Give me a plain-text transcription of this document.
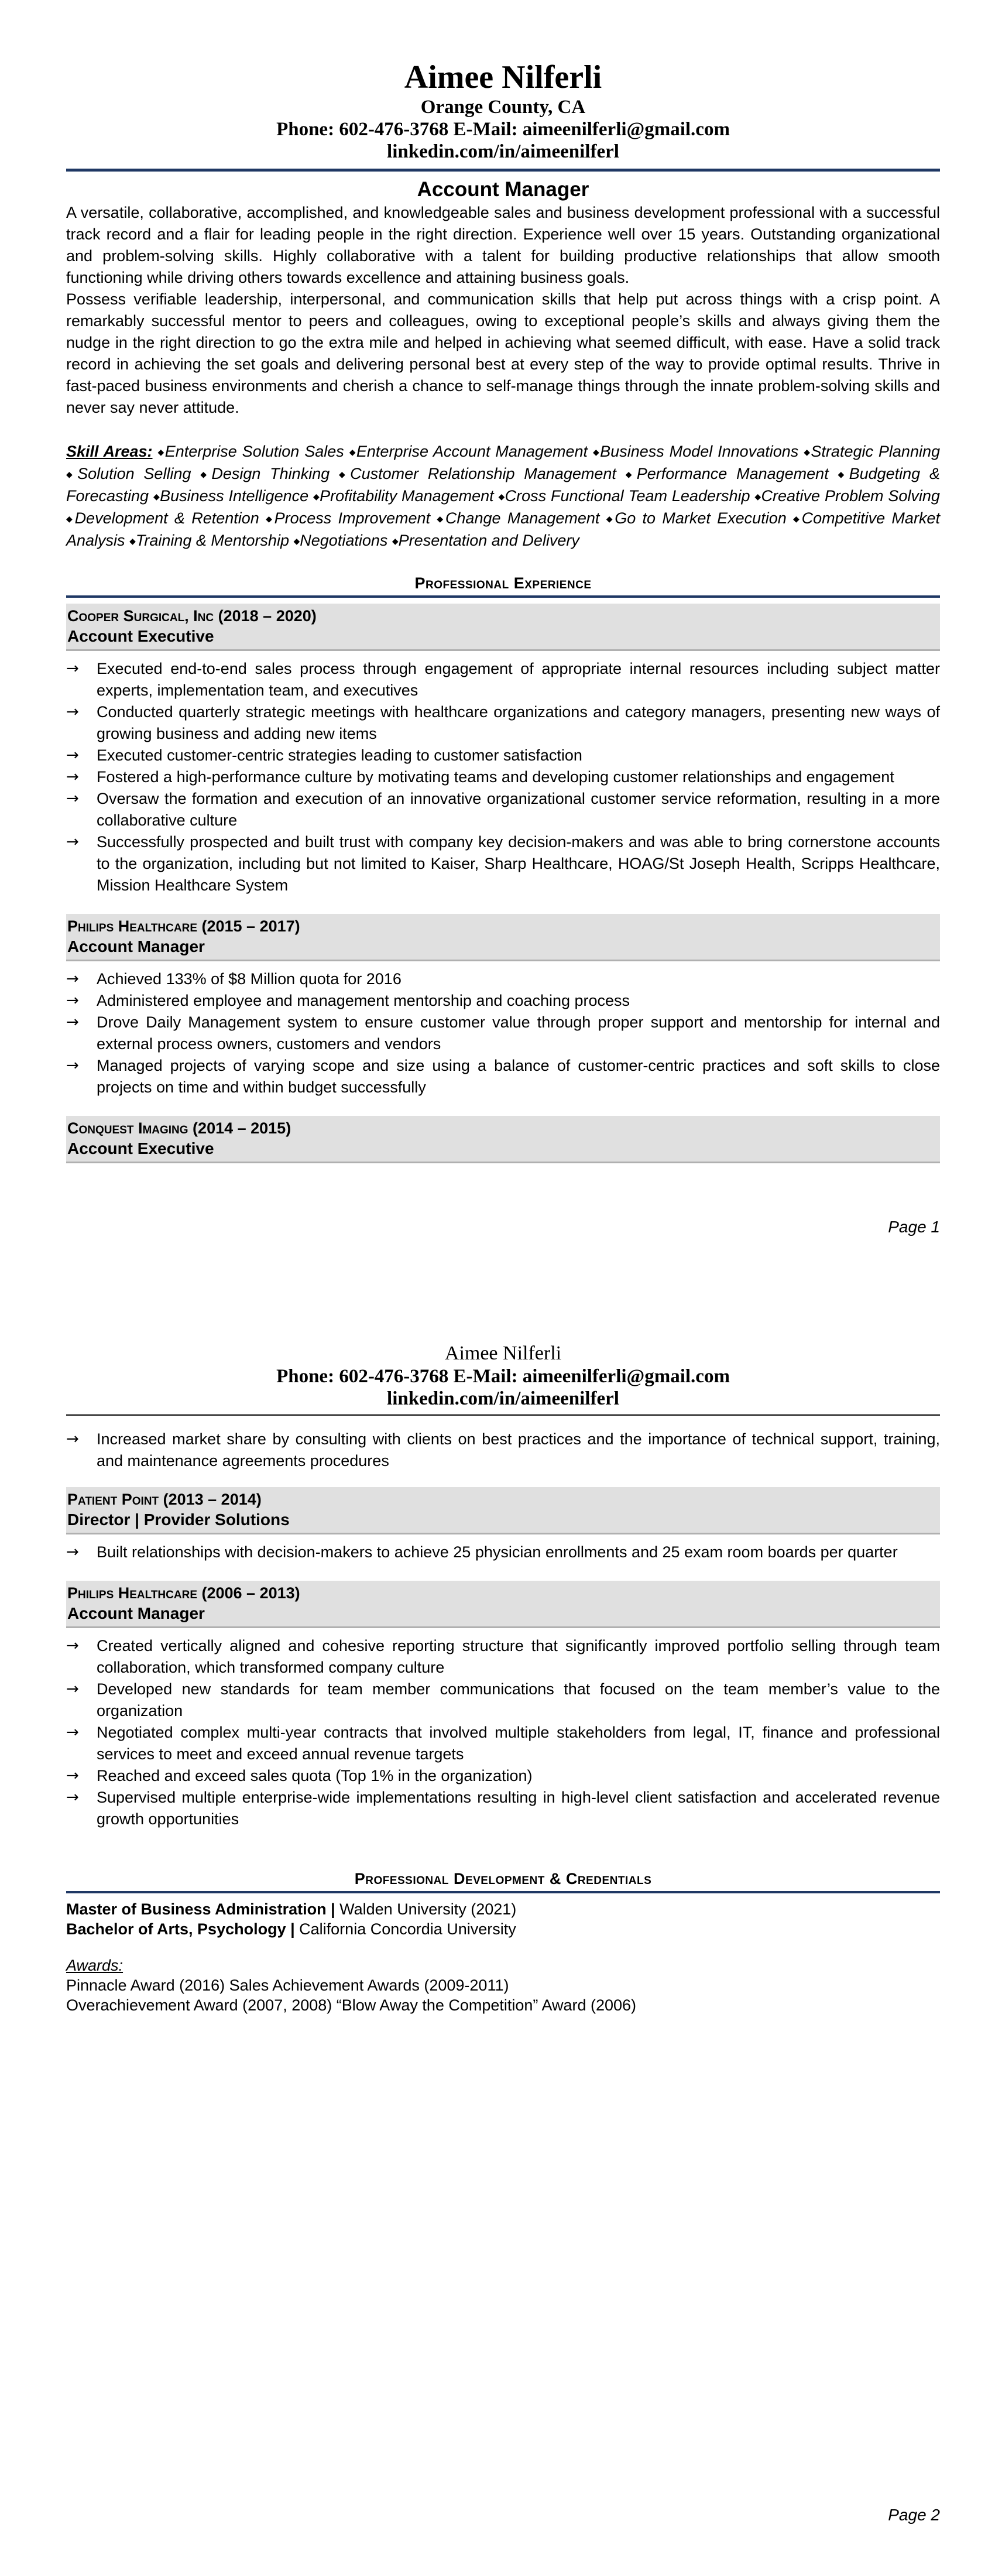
Aimee Nilferli
Orange County, CA
Phone: 602-476-3768 E-Mail: aimeenilferli@gmail.com
linkedin.com/in/aimeenilferl
Account Manager

A versatile, collaborative, accomplished, and knowledgeable sales and business development professional with a successful track record and a flair for leading people in the right direction. Experience well over 15 years. Outstanding organizational and problem-solving skills. Highly collaborative with a talent for building productive relationships that allow smooth functioning while driving others towards excellence and attaining business goals.

Possess verifiable leadership, interpersonal, and communication skills that help put across things with a crisp point. A remarkably successful mentor to peers and colleagues, owing to exceptional people’s skills and always giving them the nudge in the right direction to go the extra mile and helped in achieving what seemed difficult, with ease. Have a solid track record in achieving the set goals and delivering personal best at every step of the way to provide optimal results. Thrive in fast-paced business environments and cherish a chance to self-manage things through the innate problem-solving skills and never say never attitude.

Skill Areas: ◆Enterprise Solution Sales ◆Enterprise Account Management ◆Business Model Innovations ◆Strategic Planning ◆Solution Selling ◆Design Thinking ◆Customer Relationship Management ◆Performance Management ◆Budgeting & Forecasting ◆Business Intelligence ◆Profitability Management ◆Cross Functional Team Leadership ◆Creative Problem Solving ◆Development & Retention ◆Process Improvement ◆Change Management ◆Go to Market Execution ◆Competitive Market Analysis ◆Training & Mentorship ◆Negotiations ◆Presentation and Delivery
Professional Experience
Cooper Surgical, Inc (2018 – 2020)
Account Executive
→ Executed end-to-end sales process through engagement of appropriate internal resources including subject matter experts, implementation team, and executives
→ Conducted quarterly strategic meetings with healthcare organizations and category managers, presenting new ways of growing business and adding new items
→ Executed customer-centric strategies leading to customer satisfaction
→ Fostered a high-performance culture by motivating teams and developing customer relationships and engagement
→ Oversaw the formation and execution of an innovative organizational customer service reformation, resulting in a more collaborative culture
→ Successfully prospected and built trust with company key decision-makers and was able to bring cornerstone accounts to the organization, including but not limited to Kaiser, Sharp Healthcare, HOAG/St Joseph Health, Scripps Healthcare, Mission Healthcare System
Philips Healthcare (2015 – 2017)
Account Manager
→ Achieved 133% of $8 Million quota for 2016
→ Administered employee and management mentorship and coaching process
→ Drove Daily Management system to ensure customer value through proper support and mentorship for internal and external process owners, customers and vendors
→ Managed projects of varying scope and size using a balance of customer-centric practices and soft skills to close projects on time and within budget successfully
Conquest Imaging (2014 – 2015)
Account Executive
Page 1
Aimee Nilferli
Phone: 602-476-3768 E-Mail: aimeenilferli@gmail.com
linkedin.com/in/aimeenilferl
→ Increased market share by consulting with clients on best practices and the importance of technical support, training, and maintenance agreements procedures
Patient Point (2013 – 2014)
Director | Provider Solutions
→ Built relationships with decision-makers to achieve 25 physician enrollments and 25 exam room boards per quarter
Philips Healthcare (2006 – 2013)
Account Manager
→ Created vertically aligned and cohesive reporting structure that significantly improved portfolio selling through team collaboration, which transformed company culture
→ Developed new standards for team member communications that focused on the team member’s value to the organization
→ Negotiated complex multi-year contracts that involved multiple stakeholders from legal, IT, finance and professional services to meet and exceed annual revenue targets
→ Reached and exceed sales quota (Top 1% in the organization)
→ Supervised multiple enterprise-wide implementations resulting in high-level client satisfaction and accelerated revenue growth opportunities
Professional Development & Credentials
Master of Business Administration | Walden University (2021)
Bachelor of Arts, Psychology | California Concordia University
Awards:
Pinnacle Award (2016) Sales Achievement Awards (2009-2011)
Overachievement Award (2007, 2008) “Blow Away the Competition” Award (2006)
Page 2
